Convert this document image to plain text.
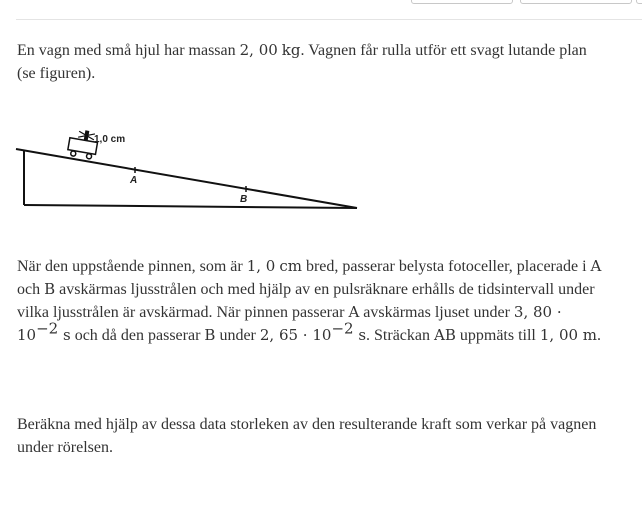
En vagn med små hjul har massan 2, 00 kg. Vagnen får rulla utför ett svagt lutande plan (se figuren).
1,0 cm
A
B
När den uppstående pinnen, som är 1, 0 cm bred, passerar belysta fotoceller, placerade i A och B avskärmas ljusstrålen och med hjälp av en pulsräknare erhålls de tidsintervall under vilka ljusstrålen är avskärmad. När pinnen passerar A avskärmas ljuset under 3, $80 \cdot 10^{-2}$ s och då den passerar B under 2, $65 \cdot 10^{-2}$ s. Sträckan AB uppmäts till 1, 00 m.
Beräkna med hjälp av dessa data storleken av den resulterande kraft som verkar på vagnen under rörelsen.
